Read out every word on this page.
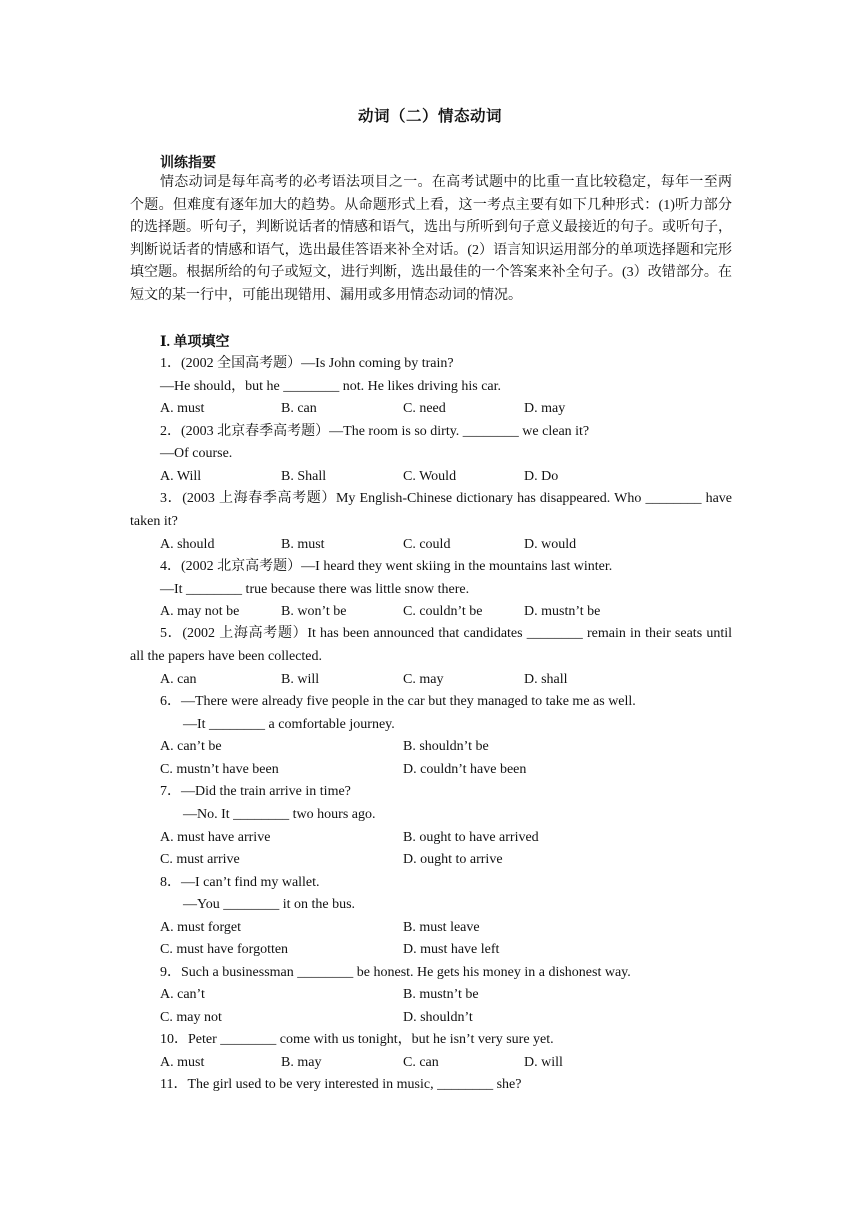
动词（二）情态动词
训练指要
情态动词是每年高考的必考语法项目之一。在高考试题中的比重一直比较稳定，每年一至两个题。但难度有逐年加大的趋势。从命题形式上看，这一考点主要有如下几种形式：(1)听力部分的选择题。听句子，判断说话者的情感和语气，选出与所听到句子意义最接近的句子。或听句子，判断说话者的情感和语气，选出最佳答语来补全对话。(2）语言知识运用部分的单项选择题和完形填空题。根据所给的句子或短文，进行判断，选出最佳的一个答案来补全句子。(3）改错部分。在短文的某一行中，可能出现错用、漏用或多用情态动词的情况。
Ⅰ. 单项填空
1．(2002 全国高考题）—Is John coming by train?
—He should，but he ________ not. He likes driving his car.
A. must	B. can	C. need	D. may
2．(2003 北京春季高考题）—The room is so dirty. ________ we clean it?
—Of course.
A. Will	B. Shall	C. Would	D. Do
3．(2003 上海春季高考题）My English-Chinese dictionary has disappeared. Who ________ have taken it?
A. should	B. must	C. could	D. would
4．(2002 北京高考题）—I heard they went skiing in the mountains last winter.
—It ________ true because there was little snow there.
A. may not be	B. won’t be	C. couldn’t be	D. mustn’t be
5．(2002 上海高考题）It has been announced that candidates ________ remain in their seats until all the papers have been collected.
A. can	B. will	C. may	D. shall
6．—There were already five people in the car but they managed to take me as well.
—It ________ a comfortable journey.
A. can’t be	B. shouldn’t be
C. mustn’t have been	D. couldn’t have been
7．—Did the train arrive in time?
—No. It ________ two hours ago.
A. must have arrive	B. ought to have arrived
C. must arrive	D. ought to arrive
8．—I can’t find my wallet.
—You ________ it on the bus.
A. must forget	B. must leave
C. must have forgotten	D. must have left
9．Such a businessman ________ be honest. He gets his money in a dishonest way.
A. can’t	B. mustn’t be
C. may not	D. shouldn’t
10．Peter ________ come with us tonight，but he isn’t very sure yet.
A. must	B. may	C. can	D. will
11．The girl used to be very interested in music, ________ she?
